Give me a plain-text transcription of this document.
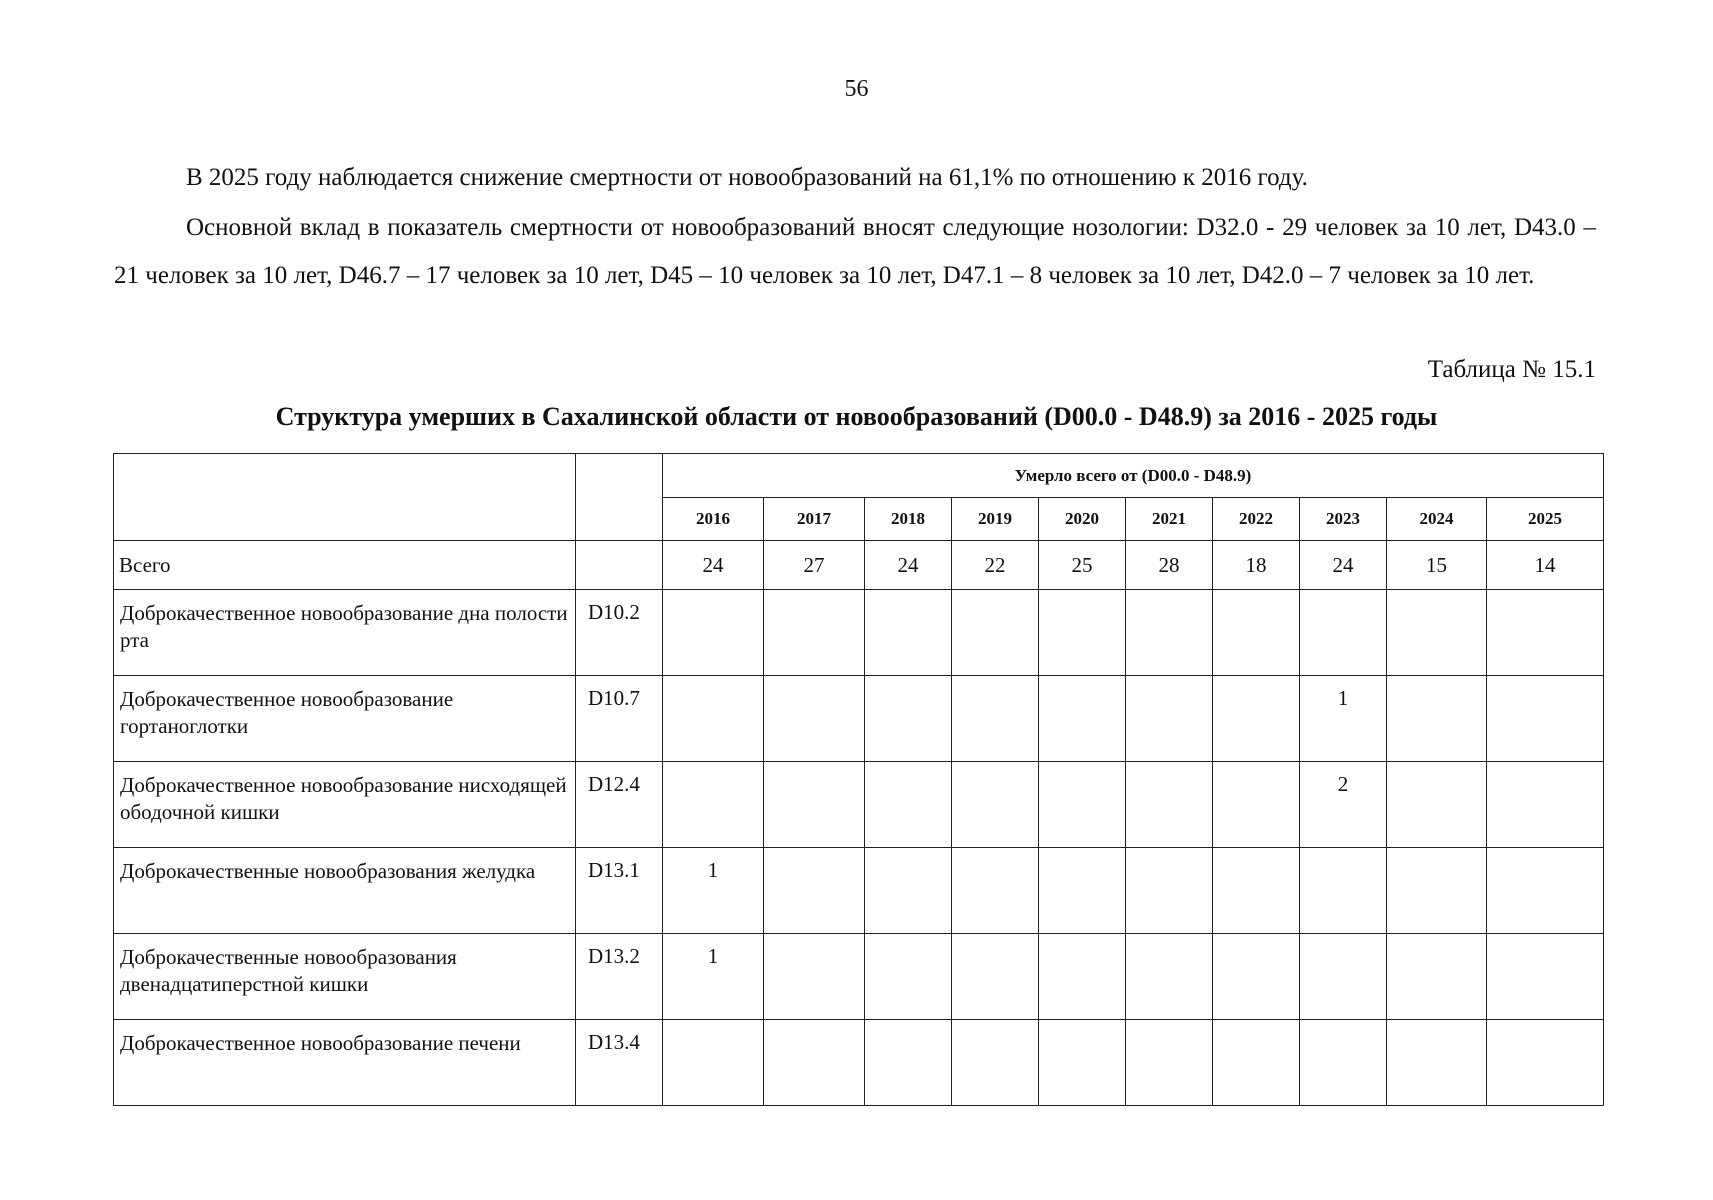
56

В 2025 году наблюдается снижение смертности от новообразований на 61,1% по отношению к 2016 году.

Основной вклад в показатель смертности от новообразований вносят следующие нозологии: D32.0 - 29 человек за 10 лет, D43.0 – 21 человек за 10 лет, D46.7 – 17 человек за 10 лет, D45 – 10 человек за 10 лет, D47.1 – 8 человек за 10 лет, D42.0 – 7 человек за 10 лет.

Таблица № 15.1
Структура умерших в Сахалинской области от новообразований (D00.0 - D48.9) за 2016 - 2025 годы
		Умерло всего от (D00.0 - D48.9)									
		2016	2017	2018	2019	2020	2021	2022	2023	2024	2025
Всего		24	27	24	22	25	28	18	24	15	14
Доброкачественное новообразование дна полости рта	D10.2										
Доброкачественное новообразование гортаноглотки	D10.7								1		
Доброкачественное новообразование нисходящей ободочной кишки	D12.4								2		
Доброкачественные новообразования желудка	D13.1	1									
Доброкачественные новообразования двенадцатиперстной кишки	D13.2	1									
Доброкачественное новообразование печени	D13.4										
